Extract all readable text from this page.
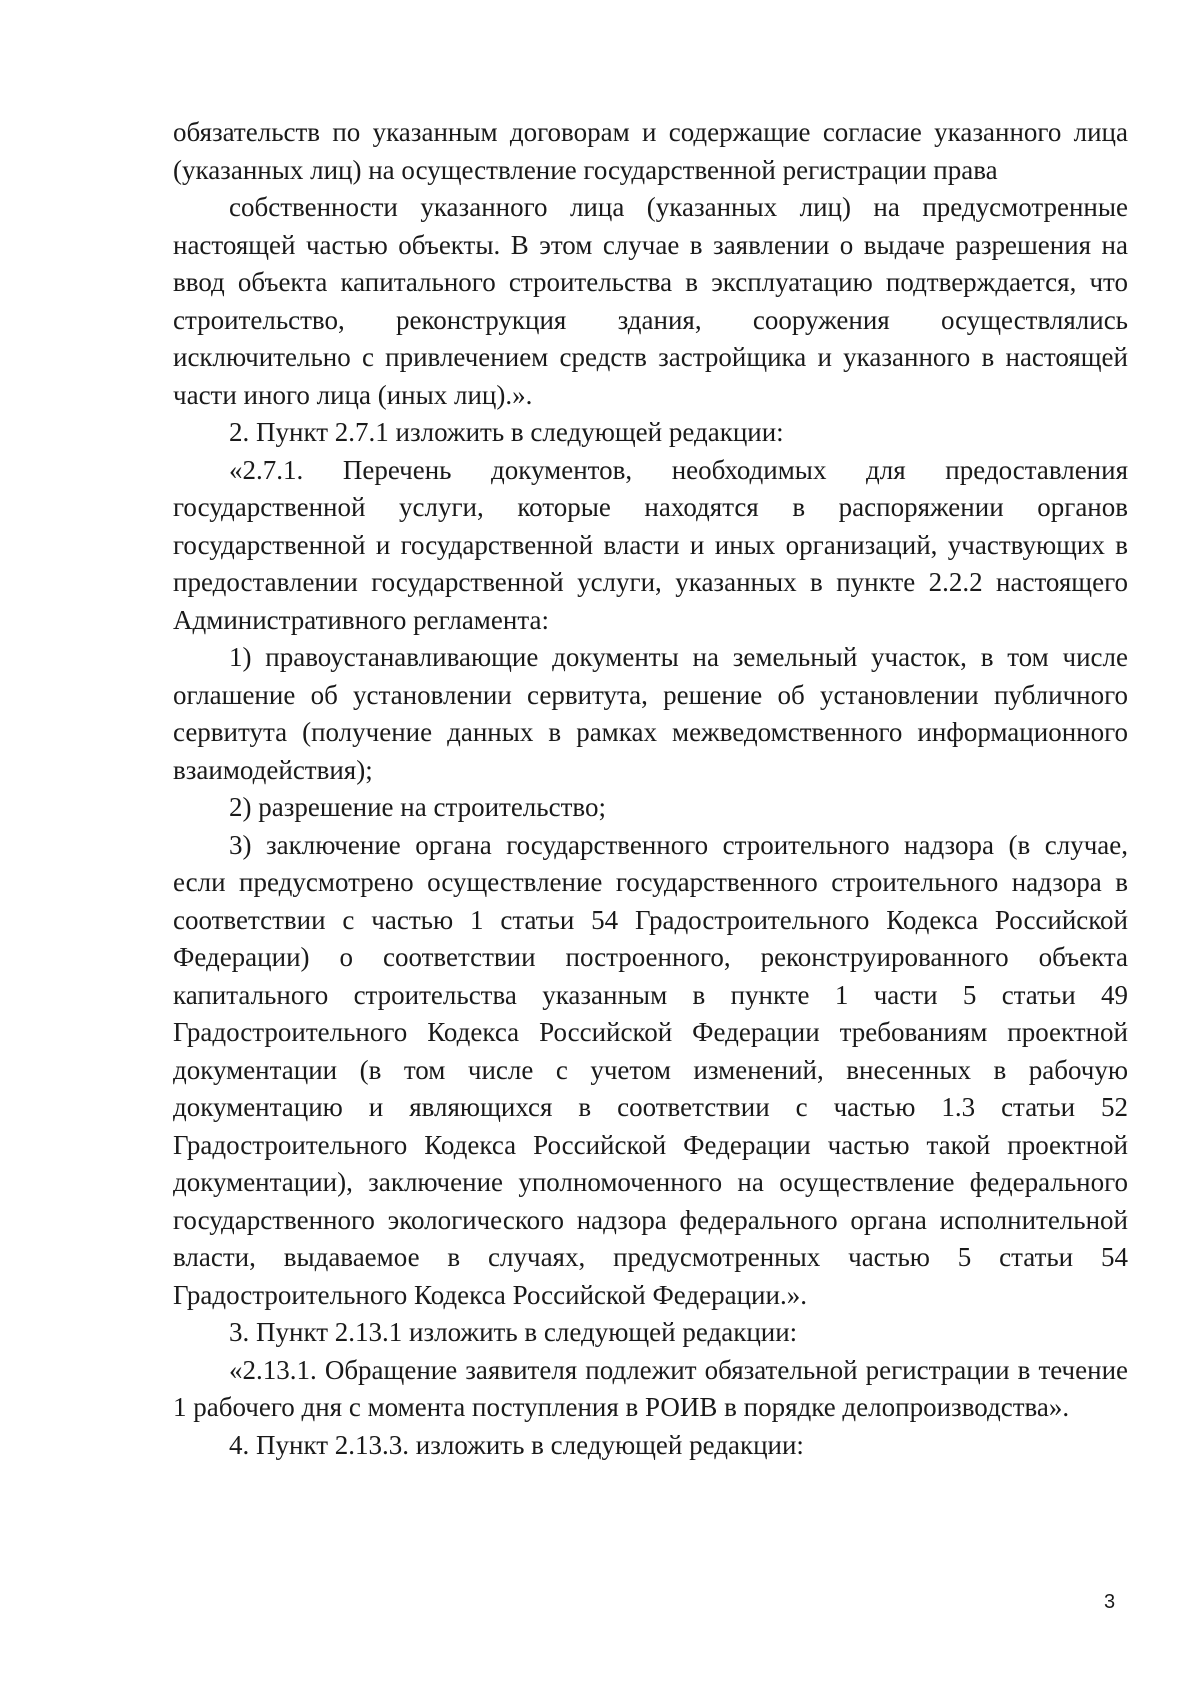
обязательств по указанным договорам и содержащие согласие указанного лица (указанных лиц) на осуществление государственной регистрации права

собственности указанного лица (указанных лиц) на предусмотренные настоящей частью объекты. В этом случае в заявлении о выдаче разрешения на ввод объекта капитального строительства в эксплуатацию подтверждается, что строительство, реконструкция здания, сооружения осуществлялись исключительно с привлечением средств застройщика и указанного в настоящей части иного лица (иных лиц).».

2. Пункт 2.7.1 изложить в следующей редакции:

«2.7.1. Перечень документов, необходимых для предоставления государственной услуги, которые находятся в распоряжении органов государственной и государственной власти и иных организаций, участвующих в предоставлении государственной услуги, указанных в пункте 2.2.2 настоящего Административного регламента:

1) правоустанавливающие документы на земельный участок, в том числе оглашение об установлении сервитута, решение об установлении публичного сервитута (получение данных в рамках межведомственного информационного взаимодействия);

2) разрешение на строительство;

3) заключение органа государственного строительного надзора (в случае, если предусмотрено осуществление государственного строительного надзора в соответствии с частью 1 статьи 54 Градостроительного Кодекса Российской Федерации) о соответствии построенного, реконструированного объекта капитального строительства указанным в пункте 1 части 5 статьи 49 Градостроительного Кодекса Российской Федерации требованиям проектной документации (в том числе с учетом изменений, внесенных в рабочую документацию и являющихся в соответствии с частью 1.3 статьи 52 Градостроительного Кодекса Российской Федерации частью такой проектной документации), заключение уполномоченного на осуществление федерального государственного экологического надзора федерального органа исполнительной власти, выдаваемое в случаях, предусмотренных частью 5 статьи 54 Градостроительного Кодекса Российской Федерации.».

3. Пункт 2.13.1 изложить в следующей редакции:

«2.13.1. Обращение заявителя подлежит обязательной регистрации в течение 1 рабочего дня с момента поступления в РОИВ в порядке делопроизводства».

4. Пункт 2.13.3. изложить в следующей редакции:

3
